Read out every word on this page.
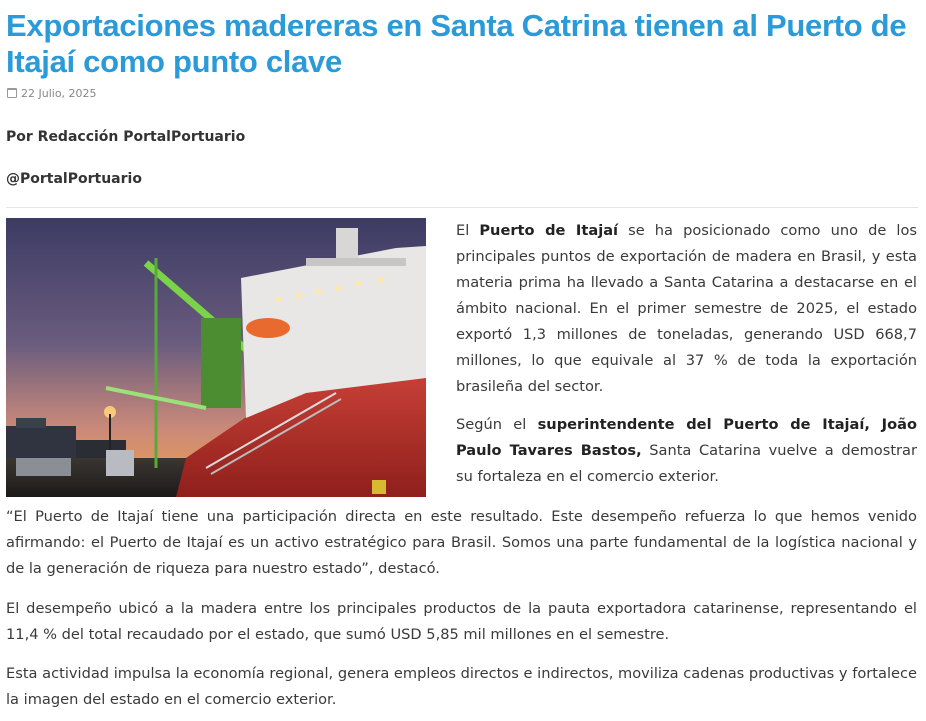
Exportaciones madereras en Santa Catrina tienen al Puerto de Itajaí como punto clave
22 Julio, 2025
Por Redacción PortalPortuario
@PortalPortuario

El Puerto de Itajaí se ha posicionado como uno de los principales puntos de exportación de madera en Brasil, y esta materia prima ha llevado a Santa Catarina a destacarse en el ámbito nacional. En el primer semestre de 2025, el estado exportó 1,3 millones de toneladas, generando USD 668,7 millones, lo que equivale al 37 % de toda la exportación brasileña del sector.

Según el superintendente del Puerto de Itajaí, João Paulo Tavares Bastos, Santa Catarina vuelve a demostrar su fortaleza en el comercio exterior.

“El Puerto de Itajaí tiene una participación directa en este resultado. Este desempeño refuerza lo que hemos venido afirmando: el Puerto de Itajaí es un activo estratégico para Brasil. Somos una parte fundamental de la logística nacional y de la generación de riqueza para nuestro estado”, destacó.

El desempeño ubicó a la madera entre los principales productos de la pauta exportadora catarinense, representando el 11,4 % del total recaudado por el estado, que sumó USD 5,85 mil millones en el semestre.

Esta actividad impulsa la economía regional, genera empleos directos e indirectos, moviliza cadenas productivas y fortalece la imagen del estado en el comercio exterior.
